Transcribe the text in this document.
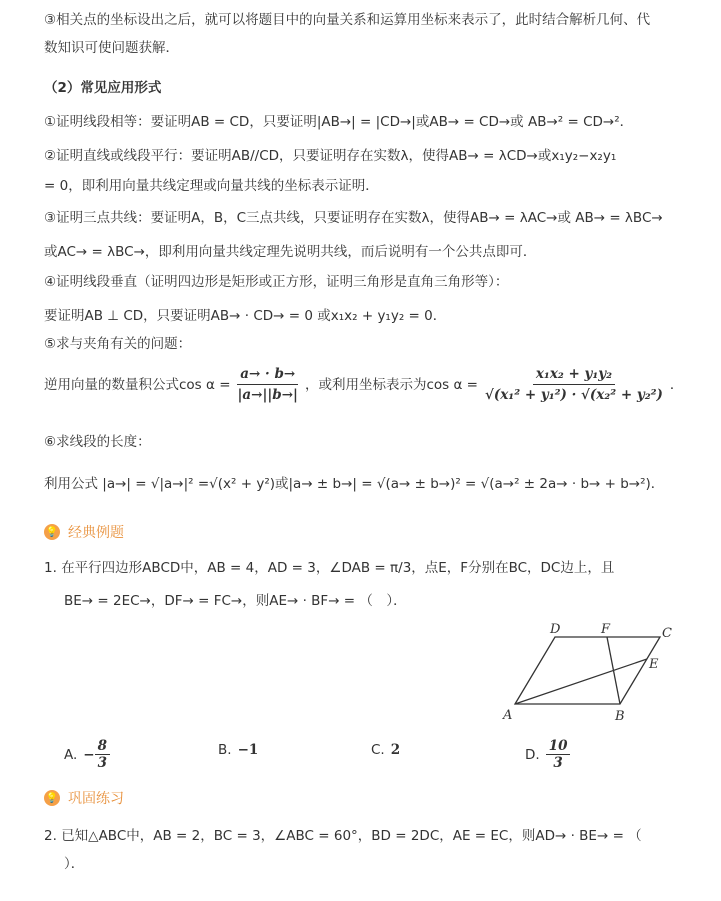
③相关点的坐标设出之后，就可以将题目中的向量关系和运算用坐标来表示了，此时结合解析几何、代
数知识可使问题获解．
（2）常见应用形式
①证明线段相等：要证明AB = CD，只要证明|AB→| = |CD→|或AB→ = CD→或 AB→² = CD→²．
②证明直线或线段平行：要证明AB//CD，只要证明存在实数λ，使得AB→ = λCD→或x₁y₂−x₂y₁
= 0，即利用向量共线定理或向量共线的坐标表示证明．
③证明三点共线：要证明A，B，C三点共线，只要证明存在实数λ，使得AB→ = λAC→或 AB→ = λBC→
或AC→ = λBC→，即利用向量共线定理先说明共线，而后说明有一个公共点即可．
④证明线段垂直（证明四边形是矩形或正方形，证明三角形是直角三角形等）：
要证明AB ⊥ CD，只要证明AB→ · CD→ = 0 或x₁x₂ + y₁y₂ = 0．
⑤求与夹角有关的问题：
逆用向量的数量积公式$\cos \alpha = \frac{a\to \cdot b\to}{|a\to||b\to|}$ ，或利用坐标表示为$\cos \alpha = \frac{\text{x₁x₂ + y₁y₂}}{\text{√(x₁² + y₁²) · √(x₂² + y₂²)}}$ ．
⑥求线段的长度：
利用公式 |a→| = √|a→|² =√(x² + y²)或|a→ ± b→| = √(a→ ± b→)² = √(a→² ± 2a→ · b→ + b→²)．
💡 经典例题
1. 在平行四边形ABCD中，AB = 4，AD = 3，∠DAB = π/3，点E，F分别在BC，DC边上，且
BE→ = 2EC→，DF→ = FC→，则AE→ · BF→ = （　）．
A	B
C
D
E
F
A. − $\frac{8}{3}$	B. −1	C. 2	D. $\frac{10}{3}$
💡 巩固练习
2. 已知△ABC中，AB = 2，BC = 3，∠ABC = 60°，BD = 2DC，AE = EC，则AD→ · BE→ = （
）．
